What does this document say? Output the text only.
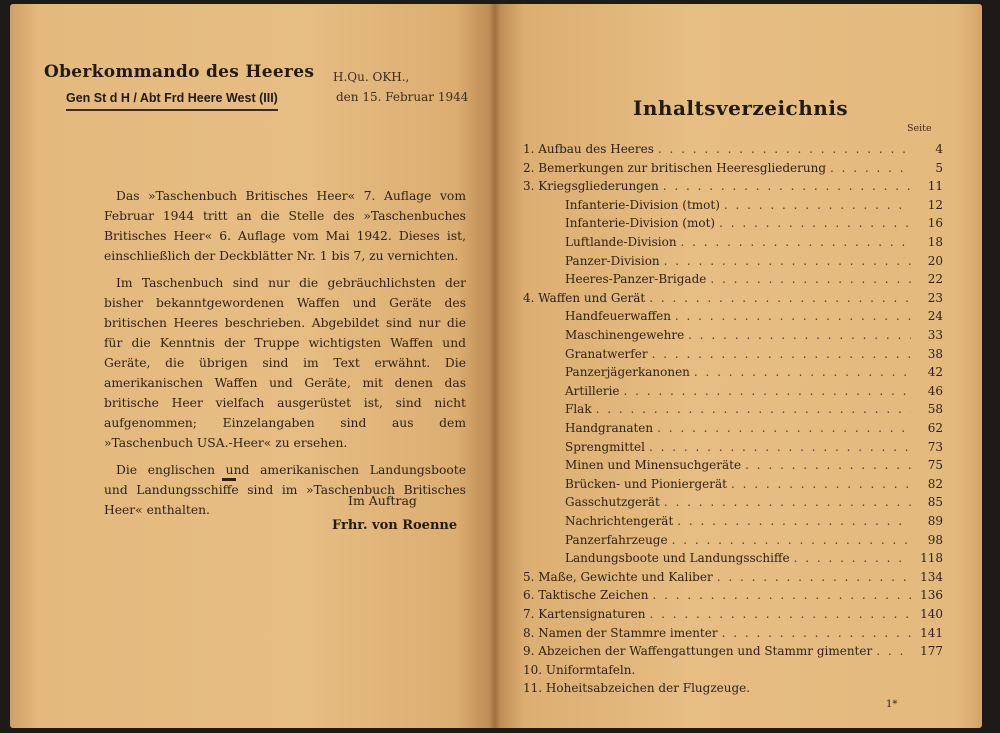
Oberkommando des Heeres
Gen St d H / Abt Frd Heere West (III)
H.Qu. OKH.,
den 15. Februar 1944

Das »Taschenbuch Britisches Heer« 7. Auflage vom Februar 1944 tritt an die Stelle des »Taschenbuches Britisches Heer« 6. Auflage vom Mai 1942. Dieses ist, einschließlich der Deckblätter Nr. 1 bis 7, zu vernichten.

Im Taschenbuch sind nur die gebräuchlichsten der bisher bekanntgewordenen Waffen und Geräte des britischen Heeres beschrieben. Abgebildet sind nur die für die Kenntnis der Truppe wichtigsten Waffen und Geräte, die übrigen sind im Text erwähnt. Die amerikanischen Waffen und Geräte, mit denen das britische Heer vielfach ausgerüstet ist, sind nicht aufgenommen; Einzelangaben sind aus dem »Taschenbuch USA.-Heer« zu ersehen.

Die englischen und amerikanischen Landungsboote und Landungsschiffe sind im »Taschenbuch Britisches Heer« enthalten.

Im Auftrag
Frhr. von Roenne
Inhaltsverzeichnis
Seite
1. Aufbau des Heeres . . .	4
2. Bemerkungen zur britischen Heeresgliederung . . .	5
3. Kriegsgliederungen . . .	11
Infanterie-Division (tmot) . . .	12
Infanterie-Division (mot) . . .	16
Luftlande-Division . . .	18
Panzer-Division . . .	20
Heeres-Panzer-Brigade . . .	22
4. Waffen und Gerät . . .	23
Handfeuerwaffen . . .	24
Maschinengewehre . . .	33
Granatwerfer . . .	38
Panzerjägerkanonen . . .	42
Artillerie . . .	46
Flak . . .	58
Handgranaten . . .	62
Sprengmittel . . .	73
Minen und Minensuchgeräte . . .	75
Brücken- und Pioniergerät . . .	82
Gasschutzgerät . . .	85
Nachrichtengerät . . .	89
Panzerfahrzeuge . . .	98
Landungsboote und Landungsschiffe . . .	118
5. Maße, Gewichte und Kaliber . . .	134
6. Taktische Zeichen . . .	136
7. Kartensignaturen . . .	140
8. Namen der Stammre imenter . . .	141
9. Abzeichen der Waffengattungen und Stammr gimenter . . .	177
10. Uniformtafeln.
11. Hoheitsabzeichen der Flugzeuge.
1*
